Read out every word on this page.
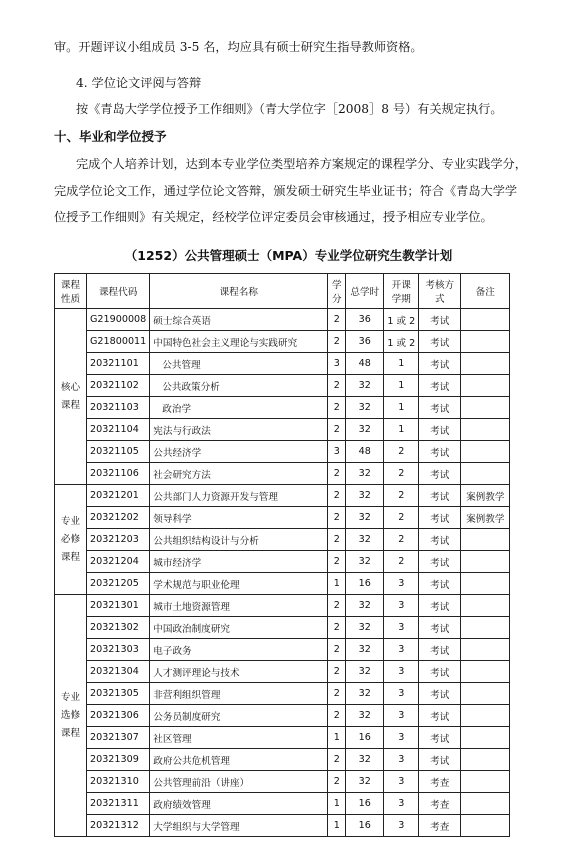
审。开题评议小组成员 3-5 名，均应具有硕士研究生指导教师资格。
4. 学位论文评阅与答辩
按《青岛大学学位授予工作细则》（青大学位字［2008］8 号）有关规定执行。
十、毕业和学位授予
完成个人培养计划，达到本专业学位类型培养方案规定的课程学分、专业实践学分，
完成学位论文工作，通过学位论文答辩，颁发硕士研究生毕业证书；符合《青岛大学学
位授予工作细则》有关规定，经校学位评定委员会审核通过，授予相应专业学位。
（1252）公共管理硕士（MPA）专业学位研究生教学计划
课程性质	课程代码	课程名称	学分	总学时	开课学期	考核方式	备注
核心课程	G21900008	硕士综合英语	2	36	1 或 2	考试	
	G21800011	中国特色社会主义理论与实践研究	2	36	1 或 2	考试	
	20321101	公共管理	3	48	1	考试	
	20321102	公共政策分析	2	32	1	考试	
	20321103	政治学	2	32	1	考试	
	20321104	宪法与行政法	2	32	1	考试	
	20321105	公共经济学	3	48	2	考试	
	20321106	社会研究方法	2	32	2	考试	
专业必修课程	20321201	公共部门人力资源开发与管理	2	32	2	考试	案例教学
	20321202	领导科学	2	32	2	考试	案例教学
	20321203	公共组织结构设计与分析	2	32	2	考试	
	20321204	城市经济学	2	32	2	考试	
	20321205	学术规范与职业伦理	1	16	3	考试	
专业选修课程	20321301	城市土地资源管理	2	32	3	考试	
	20321302	中国政治制度研究	2	32	3	考试	
	20321303	电子政务	2	32	3	考试	
	20321304	人才测评理论与技术	2	32	3	考试	
	20321305	非营利组织管理	2	32	3	考试	
	20321306	公务员制度研究	2	32	3	考试	
	20321307	社区管理	1	16	3	考试	
	20321309	政府公共危机管理	2	32	3	考试	
	20321310	公共管理前沿（讲座）	2	32	3	考查	
	20321311	政府绩效管理	1	16	3	考查	
	20321312	大学组织与大学管理	1	16	3	考查	
